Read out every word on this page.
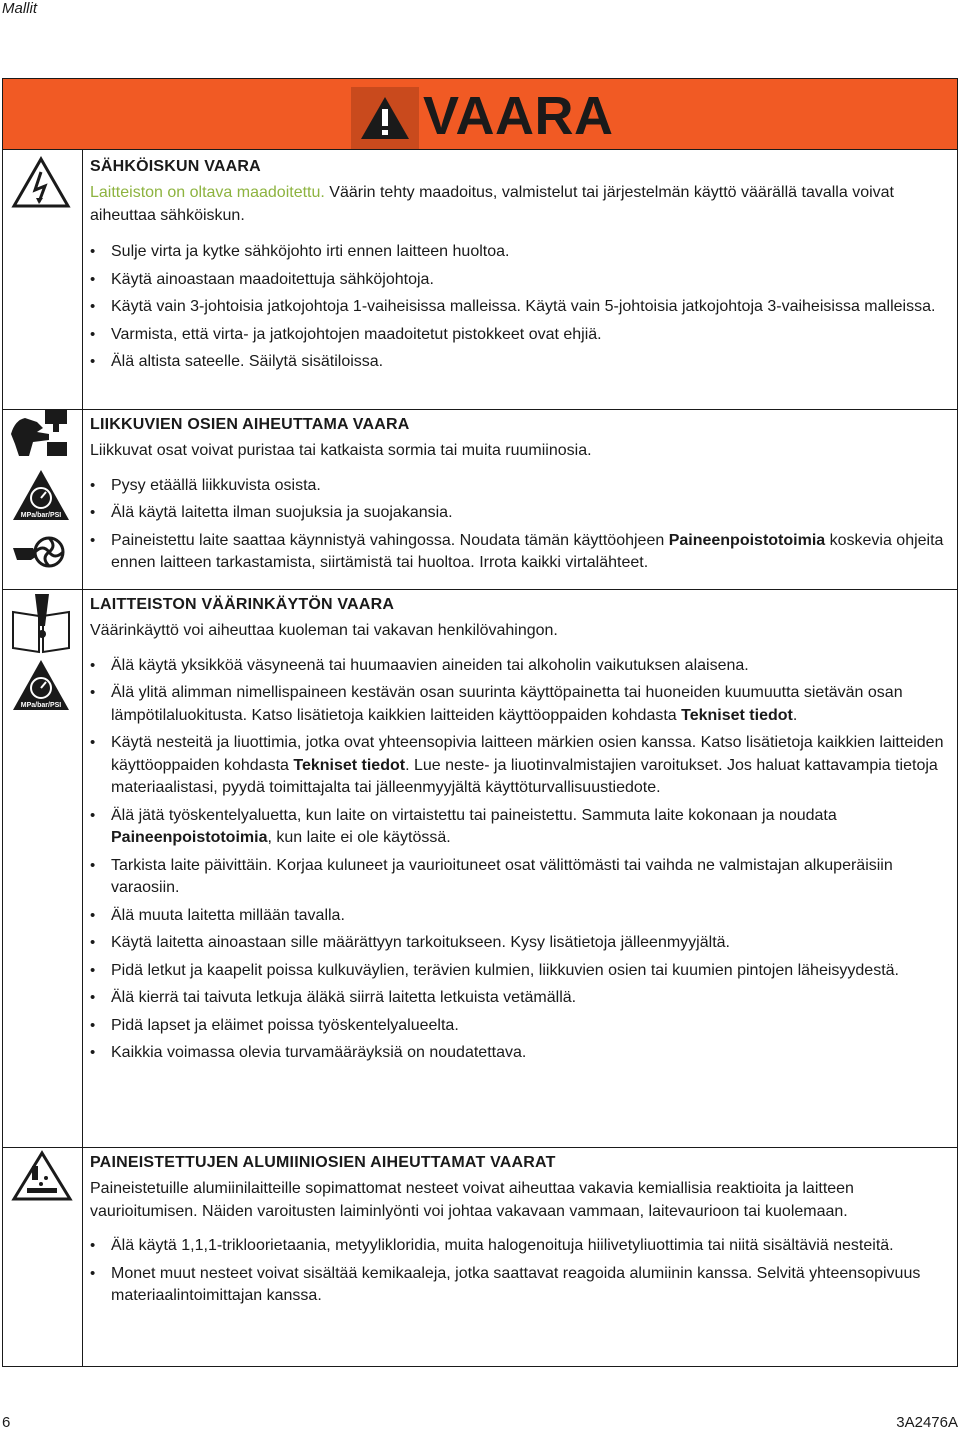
Mallit
VAARA
MPa/bar/PSI
MPa/bar/PSI
SÄHKÖISKUN VAARA

Laitteiston on oltava maadoitettu. Väärin tehty maadoitus, valmistelut tai järjestelmän käyttö väärällä tavalla voivat aiheuttaa sähköiskun.

• Sulje virta ja kytke sähköjohto irti ennen laitteen huoltoa.
• Käytä ainoastaan maadoitettuja sähköjohtoja.
• Käytä vain 3-johtoisia jatkojohtoja 1-vaiheisissa malleissa. Käytä vain 5-johtoisia jatkojohtoja 3-vaiheisissa malleissa.
• Varmista, että virta- ja jatkojohtojen maadoitetut pistokkeet ovat ehjiä.
• Älä altista sateelle. Säilytä sisätiloissa.
LIIKKUVIEN OSIEN AIHEUTTAMA VAARA

Liikkuvat osat voivat puristaa tai katkaista sormia tai muita ruumiinosia.

• Pysy etäällä liikkuvista osista.
• Älä käytä laitetta ilman suojuksia ja suojakansia.
• Paineistettu laite saattaa käynnistyä vahingossa. Noudata tämän käyttöohjeen Paineenpoistotoimia koskevia ohjeita ennen laitteen tarkastamista, siirtämistä tai huoltoa. Irrota kaikki virtalähteet.
LAITTEISTON VÄÄRINKÄYTÖN VAARA

Väärinkäyttö voi aiheuttaa kuoleman tai vakavan henkilövahingon.

• Älä käytä yksikköä väsyneenä tai huumaavien aineiden tai alkoholin vaikutuksen alaisena.
• Älä ylitä alimman nimellispaineen kestävän osan suurinta käyttöpainetta tai huoneiden kuumuutta sietävän osan lämpötilaluokitusta. Katso lisätietoja kaikkien laitteiden käyttöoppaiden kohdasta Tekniset tiedot.
• Käytä nesteitä ja liuottimia, jotka ovat yhteensopivia laitteen märkien osien kanssa. Katso lisätietoja kaikkien laitteiden käyttöoppaiden kohdasta Tekniset tiedot. Lue neste- ja liuotinvalmistajien varoitukset. Jos haluat kattavampia tietoja materiaalistasi, pyydä toimittajalta tai jälleenmyyjältä käyttöturvallisuustiedote.
• Älä jätä työskentelyaluetta, kun laite on virtaistettu tai paineistettu. Sammuta laite kokonaan ja noudata Paineenpoistotoimia, kun laite ei ole käytössä.
• Tarkista laite päivittäin. Korjaa kuluneet ja vaurioituneet osat välittömästi tai vaihda ne valmistajan alkuperäisiin varaosiin.
• Älä muuta laitetta millään tavalla.
• Käytä laitetta ainoastaan sille määrättyyn tarkoitukseen. Kysy lisätietoja jälleenmyyjältä.
• Pidä letkut ja kaapelit poissa kulkuväylien, terävien kulmien, liikkuvien osien tai kuumien pintojen läheisyydestä.
• Älä kierrä tai taivuta letkuja äläkä siirrä laitetta letkuista vetämällä.
• Pidä lapset ja eläimet poissa työskentelyalueelta.
• Kaikkia voimassa olevia turvamääräyksiä on noudatettava.
PAINEISTETTUJEN ALUMIINIOSIEN AIHEUTTAMAT VAARAT

Paineistetuille alumiinilaitteille sopimattomat nesteet voivat aiheuttaa vakavia kemiallisia reaktioita ja laitteen vaurioitumisen. Näiden varoitusten laiminlyönti voi johtaa vakavaan vammaan, laitevaurioon tai kuolemaan.

• Älä käytä 1,1,1-trikloorietaania, metyylikloridia, muita halogenoituja hiilivetyliuottimia tai niitä sisältäviä nesteitä.
• Monet muut nesteet voivat sisältää kemikaaleja, jotka saattavat reagoida alumiinin kanssa. Selvitä yhteensopivuus materiaalintoimittajan kanssa.
6	3A2476A
